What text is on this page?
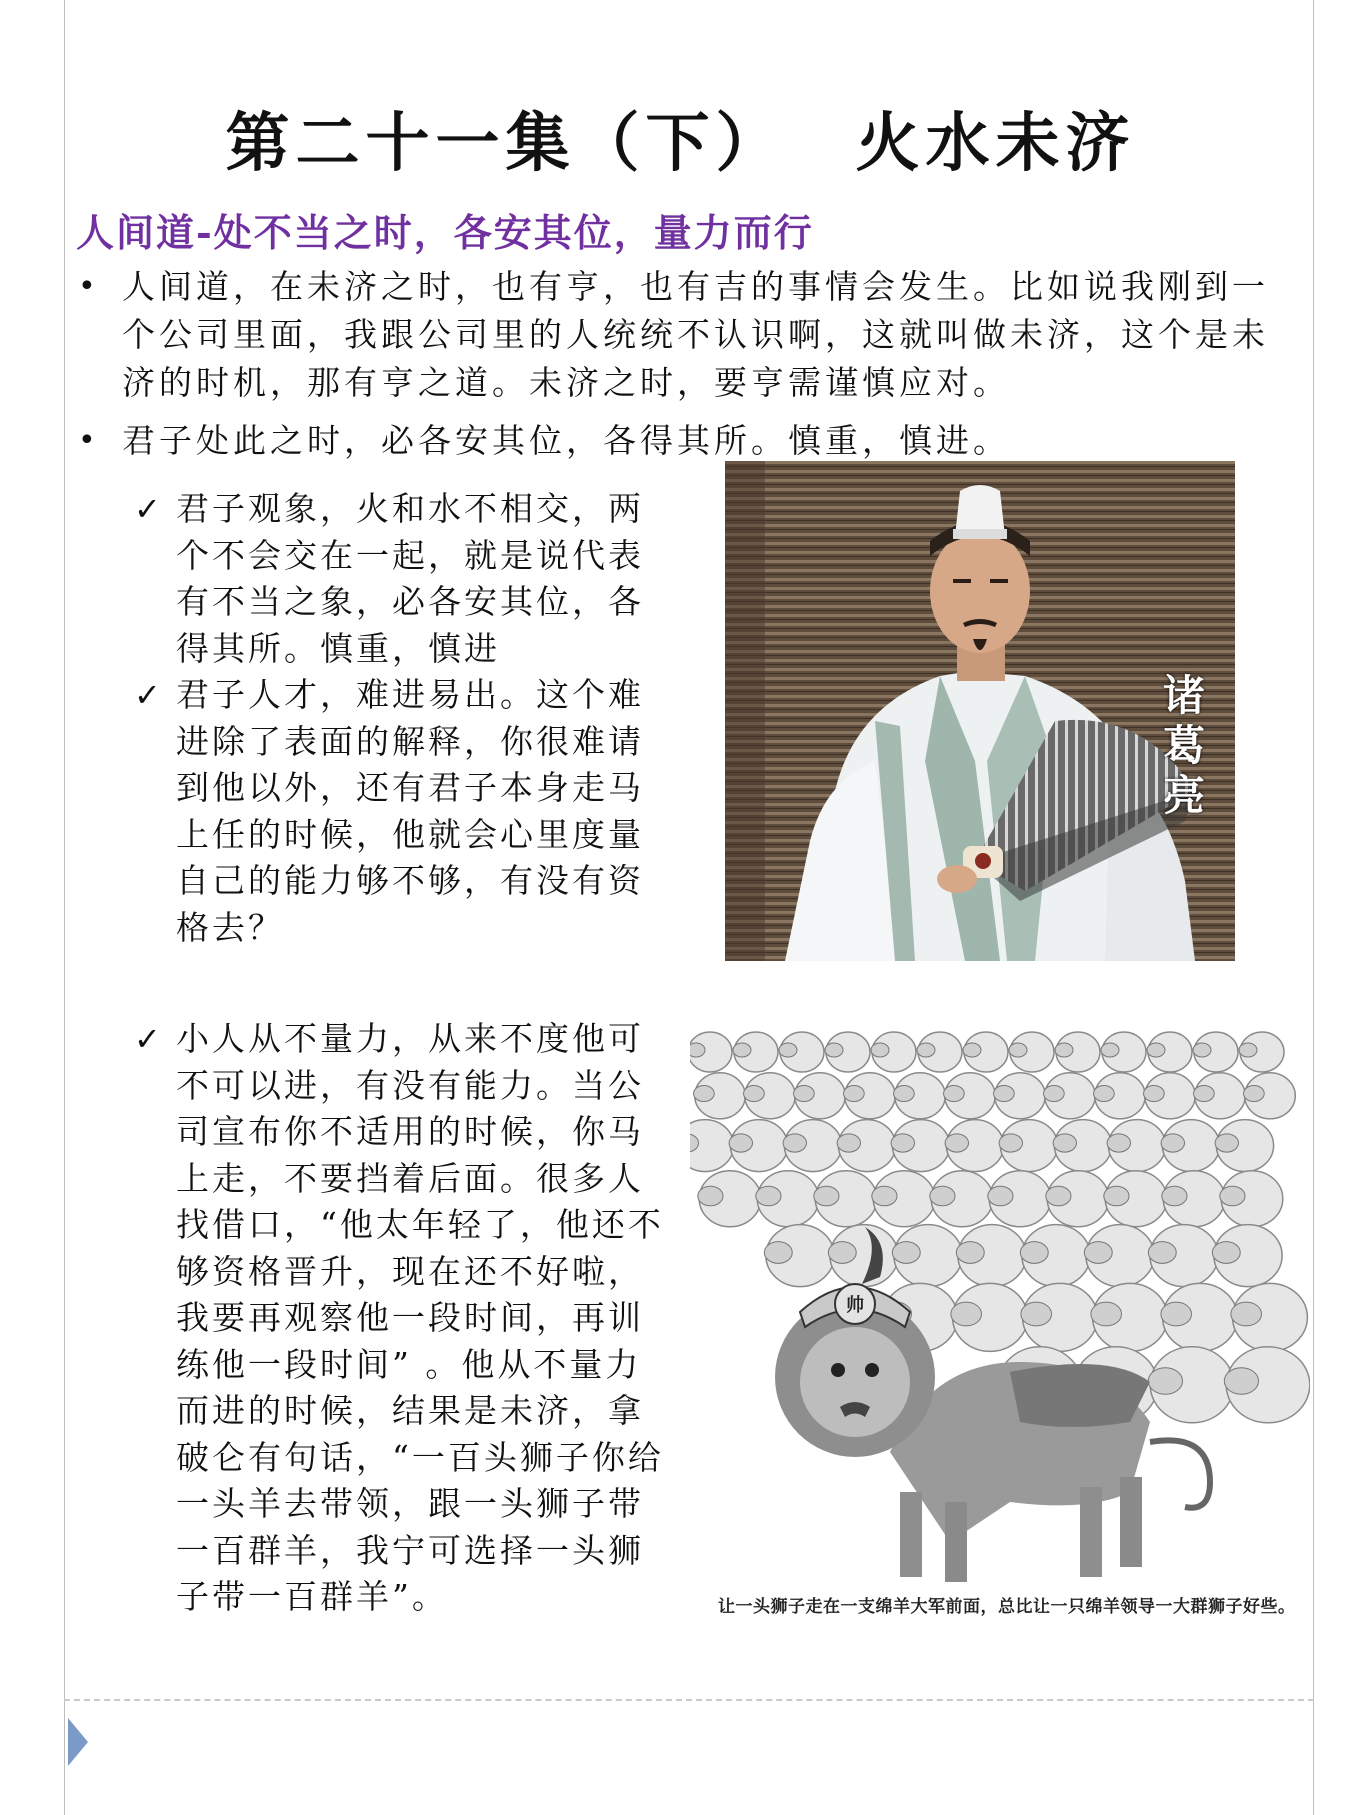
第二十一集（下） 火水未济
人间道-处不当之时，各安其位，量力而行
• 人间道，在未济之时，也有亨，也有吉的事情会发生。比如说我刚到一个公司里面，我跟公司里的人统统不认识啊，这就叫做未济，这个是未济的时机，那有亨之道。未济之时，要亨需谨慎应对。
• 君子处此之时，必各安其位，各得其所。慎重，慎进。
✓ 君子观象，火和水不相交，两个不会交在一起，就是说代表有不当之象，必各安其位，各得其所。慎重，慎进
✓ 君子人才，难进易出。这个难进除了表面的解释，你很难请到他以外，还有君子本身走马上任的时候，他就会心里度量自己的能力够不够，有没有资格去？
✓ 小人从不量力，从来不度他可不可以进，有没有能力。当公司宣布你不适用的时候，你马上走，不要挡着后面。很多人找借口，“他太年轻了，他还不够资格晋升，现在还不好啦，我要再观察他一段时间，再训练他一段时间” 。他从不量力而进的时候，结果是未济，拿破仑有句话，“一百头狮子你给一头羊去带领，跟一头狮子带一百群羊，我宁可选择一头狮子带一百群羊”。
诸葛亮
帅
让一头狮子走在一支绵羊大军前面，总比让一只绵羊领导一大群狮子好些。
